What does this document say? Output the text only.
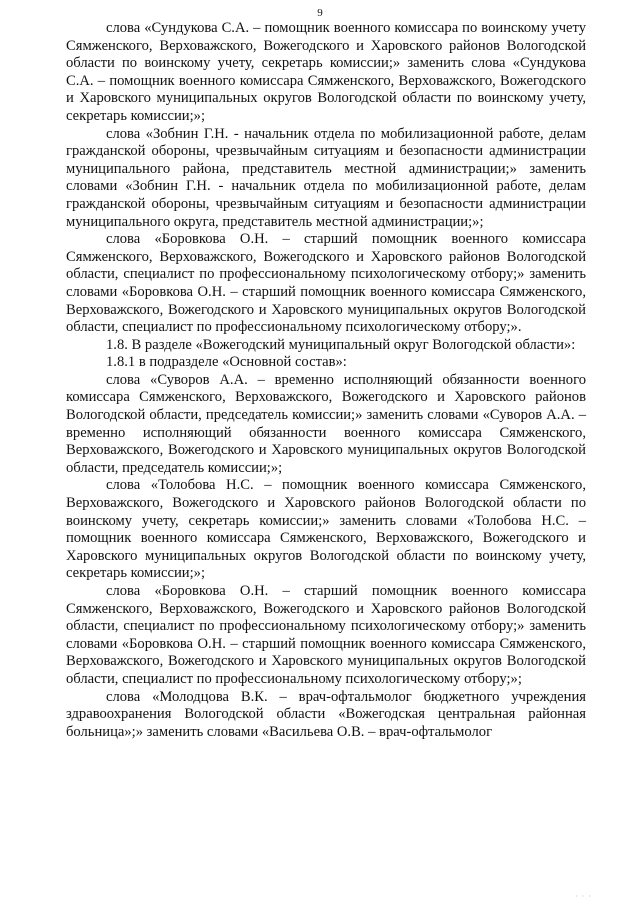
9

слова «Сундукова С.А. – помощник военного комиссара по воинскому учету Сямженского, Верховажского, Вожегодского и Харовского районов Вологодской области по воинскому учету, секретарь комиссии;» заменить слова «Сундукова С.А. – помощник военного комиссара Сямженского, Верховажского, Вожегодского и Харовского муниципальных округов Вологодской области по воинскому учету, секретарь комиссии;»;

слова «Зобнин Г.Н. - начальник отдела по мобилизационной работе, делам гражданской обороны, чрезвычайным ситуациям и безопасности администрации муниципального района, представитель местной администрации;» заменить словами «Зобнин Г.Н. - начальник отдела по мобилизационной работе, делам гражданской обороны, чрезвычайным ситуациям и безопасности администрации муниципального округа, представитель местной администрации;»;

слова «Боровкова О.Н. – старший помощник военного комиссара Сямженского, Верховажского, Вожегодского и Харовского районов Вологодской области, специалист по профессиональному психологическому отбору;» заменить словами «Боровкова О.Н. – старший помощник военного комиссара Сямженского, Верховажского, Вожегодского и Харовского муниципальных округов Вологодской области, специалист по профессиональному психологическому отбору;».

1.8. В разделе «Вожегодский муниципальный округ Вологодской области»:

1.8.1 в подразделе «Основной состав»:

слова «Суворов А.А. – временно исполняющий обязанности военного комиссара Сямженского, Верховажского, Вожегодского и Харовского районов Вологодской области, председатель комиссии;» заменить словами «Суворов А.А. – временно исполняющий обязанности военного комиссара Сямженского, Верховажского, Вожегодского и Харовского муниципальных округов Вологодской области, председатель комиссии;»;

слова «Толобова Н.С. – помощник военного комиссара Сямженского, Верховажского, Вожегодского и Харовского районов Вологодской области по воинскому учету, секретарь комиссии;» заменить словами «Толобова Н.С. – помощник военного комиссара Сямженского, Верховажского, Вожегодского и Харовского муниципальных округов Вологодской области по воинскому учету, секретарь комиссии;»;

слова «Боровкова О.Н. – старший помощник военного комиссара Сямженского, Верховажского, Вожегодского и Харовского районов Вологодской области, специалист по профессиональному психологическому отбору;» заменить словами «Боровкова О.Н. – старший помощник военного комиссара Сямженского, Верховажского, Вожегодского и Харовского муниципальных округов Вологодской области, специалист по профессиональному психологическому отбору;»;

слова «Молодцова В.К. – врач-офтальмолог бюджетного учреждения здравоохранения Вологодской области «Вожегодская центральная районная больница»;» заменить словами «Васильева О.В. – врач-офтальмолог

· · ·
